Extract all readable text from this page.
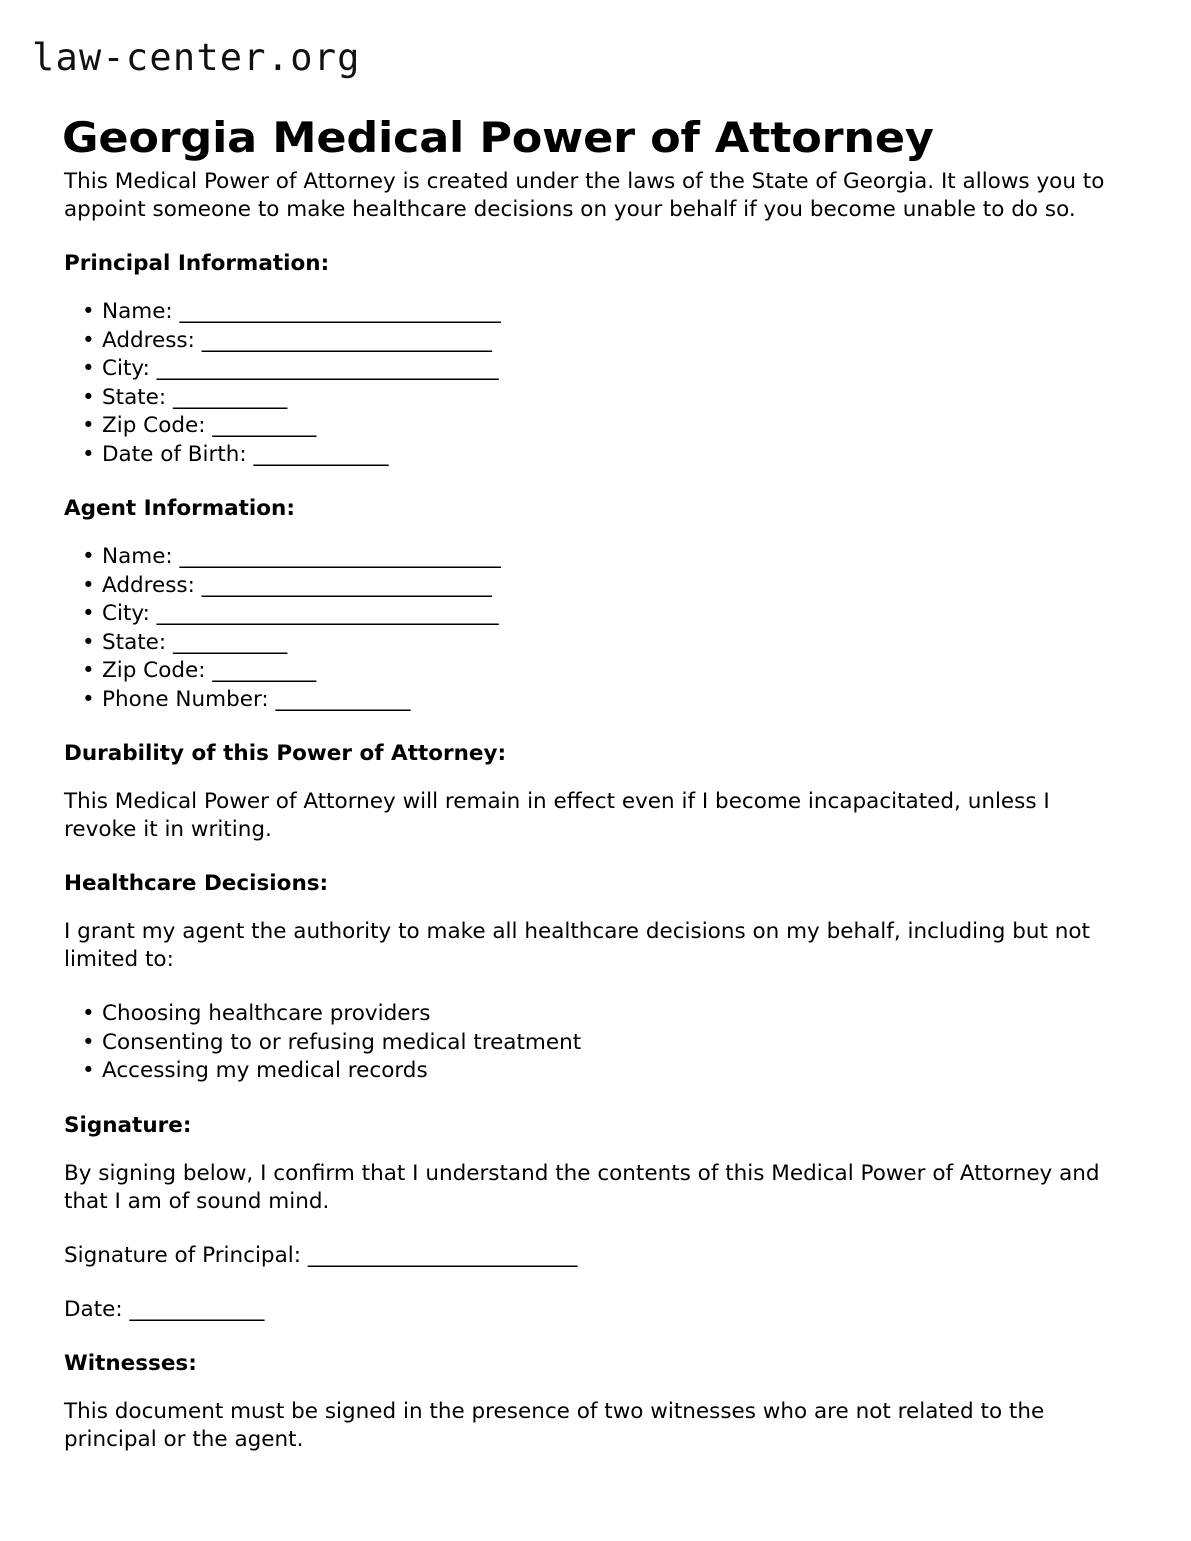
law-center.org
Georgia Medical Power of Attorney

This Medical Power of Attorney is created under the laws of the State of Georgia. It allows you to appoint someone to make healthcare decisions on your behalf if you become unable to do so.

Principal Information:
• Name: _______________________________
• Address: ____________________________
• City: _________________________________
• State: ___________
• Zip Code: __________
• Date of Birth: _____________
Agent Information:
• Name: _______________________________
• Address: ____________________________
• City: _________________________________
• State: ___________
• Zip Code: __________
• Phone Number: _____________
Durability of this Power of Attorney:

This Medical Power of Attorney will remain in effect even if I become incapacitated, unless I revoke it in writing.

Healthcare Decisions:

I grant my agent the authority to make all healthcare decisions on my behalf, including but not limited to:

• Choosing healthcare providers
• Consenting to or refusing medical treatment
• Accessing my medical records
Signature:

By signing below, I confirm that I understand the contents of this Medical Power of Attorney and that I am of sound mind.

Signature of Principal: __________________________

Date: _____________

Witnesses:

This document must be signed in the presence of two witnesses who are not related to the principal or the agent.
